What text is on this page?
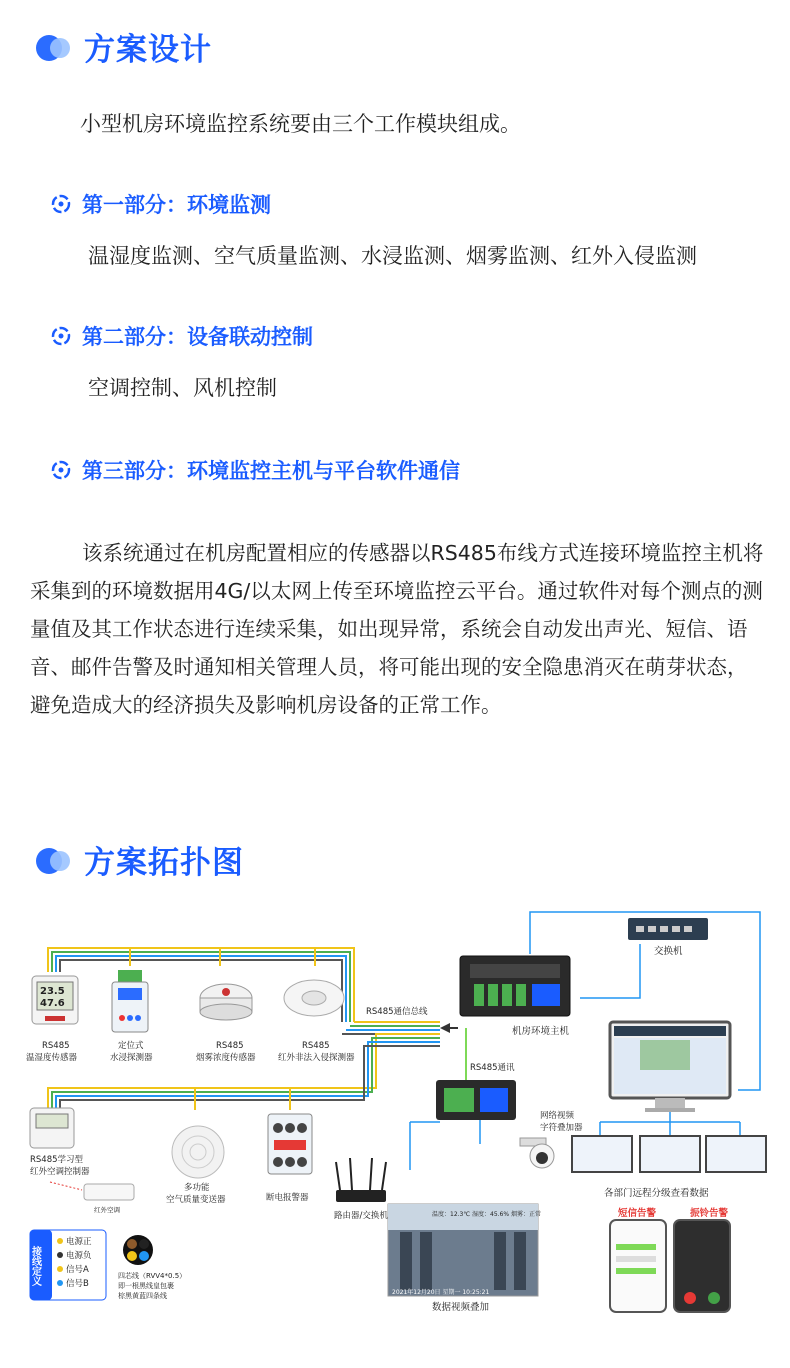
方案设计
小型机房环境监控系统要由三个工作模块组成。
第一部分：环境监测
温湿度监测、空气质量监测、水浸监测、烟雾监测、红外入侵监测
第二部分：设备联动控制
空调控制、风机控制
第三部分：环境监控主机与平台软件通信
该系统通过在机房配置相应的传感器以RS485布线方式连接环境监控主机将采集到的环境数据用4G/以太网上传至环境监控云平台。通过软件对每个测点的测量值及其工作状态进行连续采集，如出现异常，系统会自动发出声光、短信、语音、邮件告警及时通知相关管理人员，将可能出现的安全隐患消灭在萌芽状态，避免造成大的经济损失及影响机房设备的正常工作。
方案拓扑图
RS485通信总线
23.5
47.6
RS485
温湿度传感器
定位式
水浸探测器
RS485
烟雾浓度传感器
RS485
红外非法入侵探测器
机房环境主机
交换机
各部门远程分级查看数据
RS485通讯
网络视频
字符叠加器
路由器/交换机	温度：12.3℃ 湿度：45.6% 烟雾：正常
2021年12月20日 星期一 10:25:21
数据视频叠加
短信告警	振铃告警
RS485学习型
红外空调控制器
红外空调
多功能
空气质量变送器	断电报警器
接线定义
电源正
电源负
信号A
信号B
四芯线（RVV4*0.5）
即一根黑线皇包裹
棕黑黄蓝四条线
